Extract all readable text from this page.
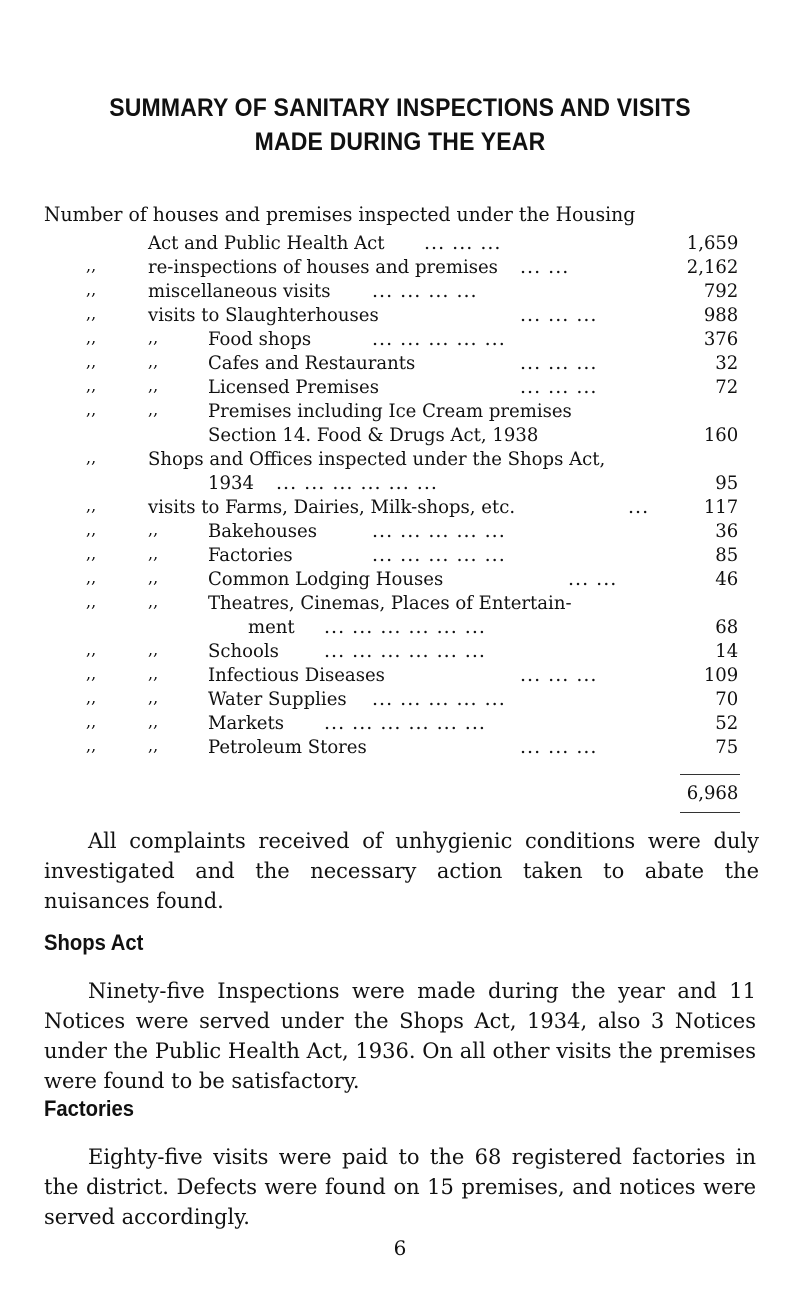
SUMMARY OF SANITARY INSPECTIONS AND VISITS
MADE DURING THE YEAR
Number of houses and premises inspected under the Housing
Act and Public Health Act ... ... ...	1,659
,,	re-inspections of houses and premises ... ...	2,162
,,	miscellaneous visits ... ... ... ...	792
,,	visits to Slaughterhouses	... ... ...	988
,,	,,	Food shops	... ... ... ... ...	376
,,	,,	Cafes and Restaurants	... ... ...	32
,,	,,	Licensed Premises	... ... ...	72
,,	,,	Premises including Ice Cream premises
Section 14. Food & Drugs Act, 1938	160
,,	Shops and Offices inspected under the Shops Act,
1934 ... ... ... ... ... ...	95
,,	visits to Farms, Dairies, Milk-shops, etc.	...	117
,,	,,	Bakehouses	... ... ... ... ...	36
,,	,,	Factories	... ... ... ... ...	85
,,	,,	Common Lodging Houses	... ...	46
,,	,,	Theatres, Cinemas, Places of Entertain-
ment ... ... ... ... ... ...	68
,,	,,	Schools ... ... ... ... ... ...	14
,,	,,	Infectious Diseases	... ... ...	109
,,	,,	Water Supplies ... ... ... ... ...	70
,,	,,	Markets ... ... ... ... ... ...	52
,,	,,	Petroleum Stores	... ... ...	75
6,968
All complaints received of unhygienic conditions were duly investigated and the necessary action taken to abate the nuisances found.
Shops Act
Ninety-five Inspections were made during the year and 11 Notices were served under the Shops Act, 1934, also 3 Notices under the Public Health Act, 1936. On all other visits the premises were found to be satisfactory.
Factories
Eighty-five visits were paid to the 68 registered factories in the district. Defects were found on 15 premises, and notices were served accordingly.
6
